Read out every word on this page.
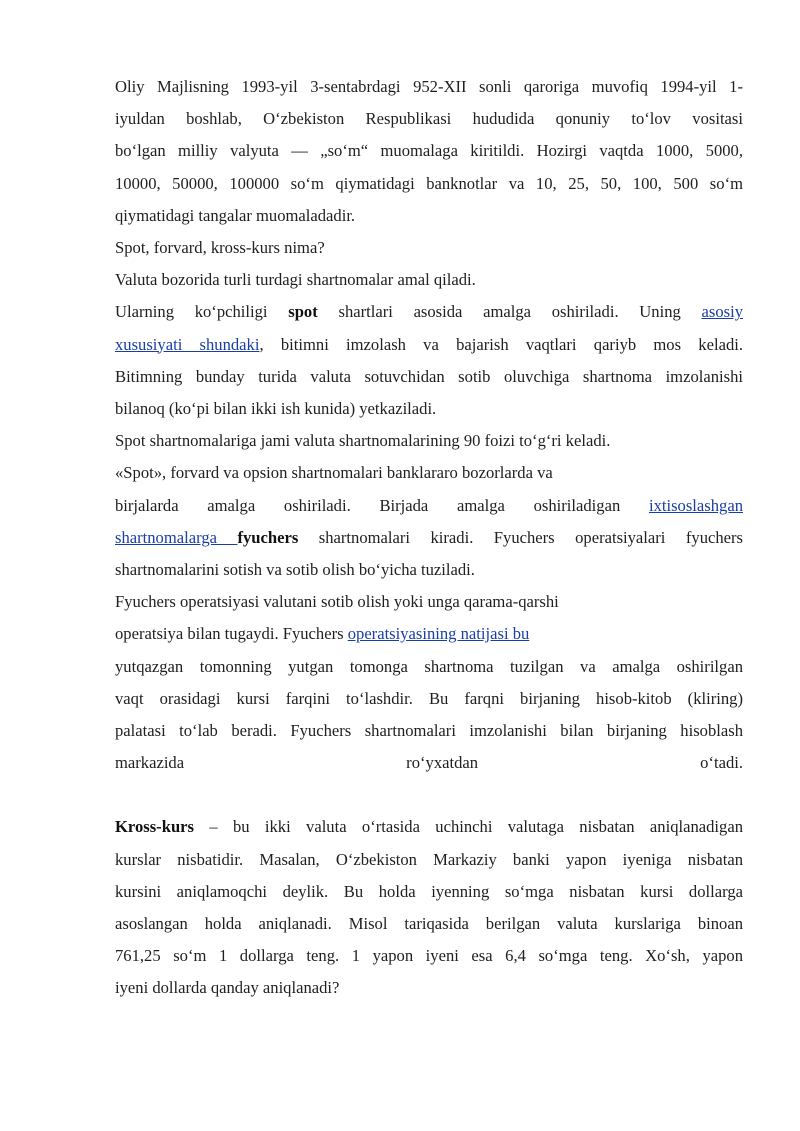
Oliy Majlisning 1993-yil 3-sentabrdagi 952-XII sonli qaroriga muvofiq 1994-yil 1-
iyuldan boshlab, O‘zbekiston Respublikasi hududida qonuniy to‘lov vositasi
bo‘lgan milliy valyuta — „so‘m“ muomalaga kiritildi. Hozirgi vaqtda 1000, 5000,
10000, 50000, 100000 so‘m qiymatidagi banknotlar va 10, 25, 50, 100, 500 so‘m
qiymatidagi tangalar muomaladadir.
Spot, forvard, kross-kurs nima?
Valuta bozorida turli turdagi shartnomalar amal qiladi.
Ularning ko‘pchiligi spot shartlari asosida amalga oshiriladi. Uning asosiy
xususiyati shundaki, bitimni imzolash va bajarish vaqtlari qariyb mos keladi.
Bitimning bunday turida valuta sotuvchidan sotib oluvchiga shartnoma imzolanishi
bilanoq (ko‘pi bilan ikki ish kunida) yetkaziladi.
Spot shartnomalariga jami valuta shartnomalarining 90 foizi to‘g‘ri keladi.
«Spot», forvard va opsion shartnomalari banklararo bozorlarda va
birjalarda amalga oshiriladi. Birjada amalga oshiriladigan ixtisoslashgan
shartnomalarga fyuchers shartnomalari kiradi. Fyuchers operatsiyalari fyuchers
shartnomalarini sotish va sotib olish bo‘yicha tuziladi.
Fyuchers operatsiyasi valutani sotib olish yoki unga qarama-qarshi
operatsiya bilan tugaydi. Fyuchers operatsiyasining natijasi bu
yutqazgan tomonning yutgan tomonga shartnoma tuzilgan va amalga oshirilgan
vaqt orasidagi kursi farqini to‘lashdir. Bu farqni birjaning hisob-kitob (kliring)
palatasi to‘lab beradi. Fyuchers shartnomalari imzolanishi bilan birjaning hisoblash
markazida ro‘yxatdan o‘tadi.
Kross-kurs – bu ikki valuta o‘rtasida uchinchi valutaga nisbatan aniqlanadigan
kurslar nisbatidir. Masalan, O‘zbekiston Markaziy banki yapon iyeniga nisbatan
kursini aniqlamoqchi deylik. Bu holda iyenning so‘mga nisbatan kursi dollarga
asoslangan holda aniqlanadi. Misol tariqasida berilgan valuta kurslariga binoan
761,25 so‘m 1 dollarga teng. 1 yapon iyeni esa 6,4 so‘mga teng. Xo‘sh, yapon
iyeni dollarda qanday aniqlanadi?
